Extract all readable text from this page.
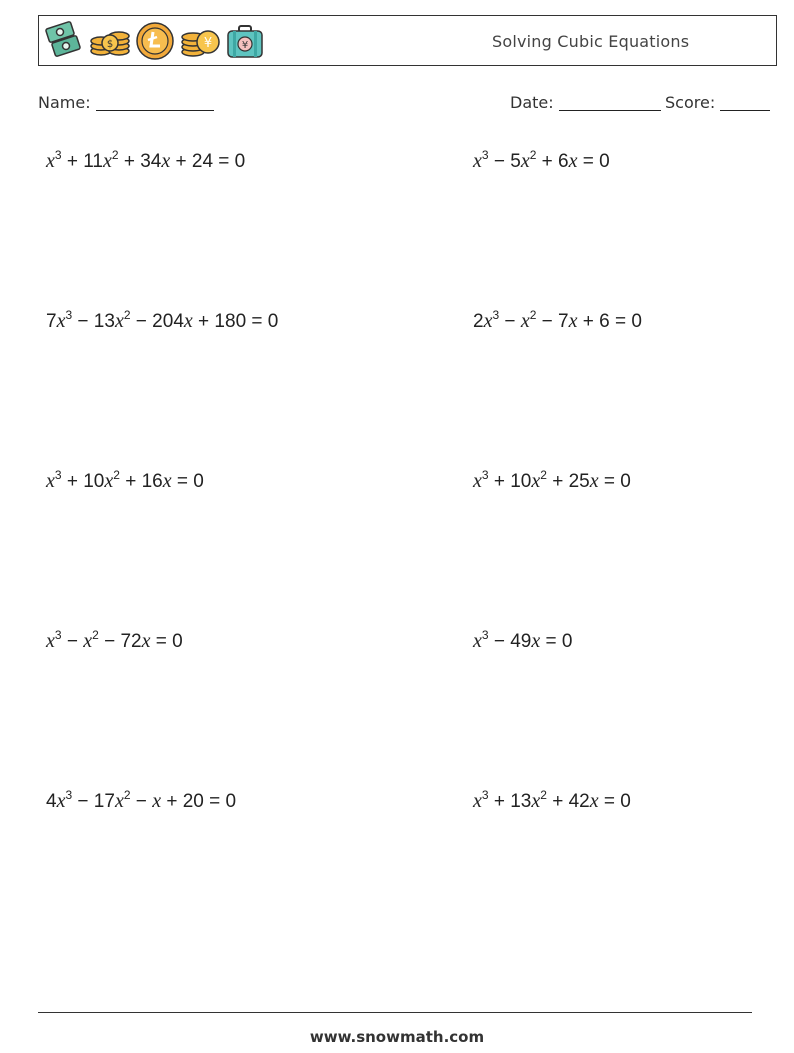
$	¥	¥	Solving Cubic Equations
Name:	Date:	Score:
$x^3 + 11x^2 + 34x + 24 = 0$	$x^3 - 5x^2 + 6x = 0$
$7x^3 - 13x^2 - 204x + 180 = 0$	$2x^3 - x^2 - 7x + 6 = 0$
$x^3 + 10x^2 + 16x = 0$	$x^3 + 10x^2 + 25x = 0$
$x^3 - x^2 - 72x = 0$	$x^3 - 49x = 0$
$4x^3 - 17x^2 - x + 20 = 0$	$x^3 + 13x^2 + 42x = 0$
www.snowmath.com
